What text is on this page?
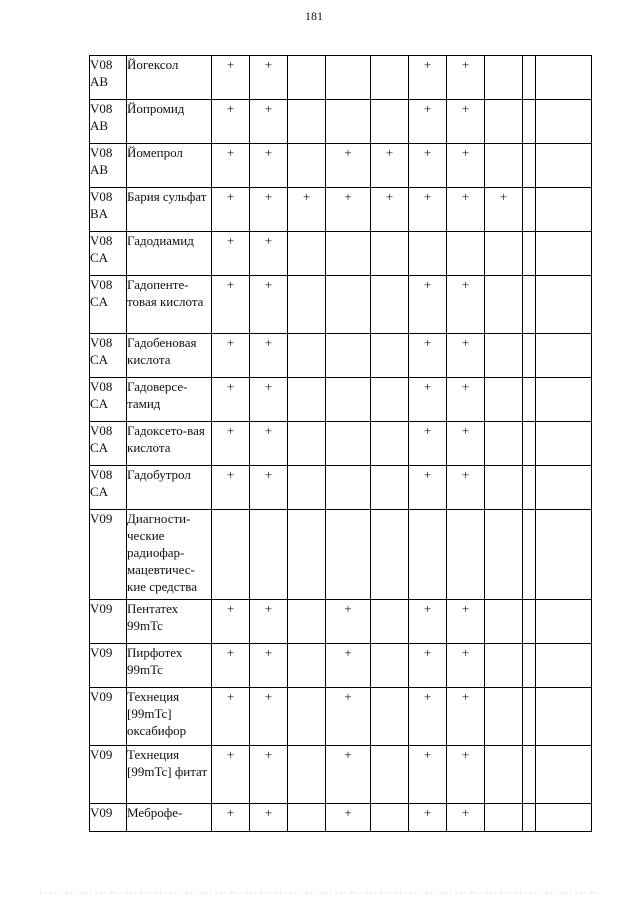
181
V08 AB	Йогексол	+	+				+	+			
V08 AB	Йопромид	+	+				+	+			
V08 AB	Йомепрол	+	+		+	+	+	+			
V08 BA	Бария сульфат	+	+	+	+	+	+	+	+		
V08 CA	Гадодиамид	+	+								
V08 CA	Гадопенте-товая кислота	+	+				+	+			
V08 CA	Гадобеновая кислота	+	+				+	+			
V08 CA	Гадоверсе-тамид	+	+				+	+			
V08 CA	Гадоксето-вая кислота	+	+				+	+			
V08 CA	Гадобутрол	+	+				+	+			
V09	Диагности-ческие радиофар-мацевтичес-кие средства										
V09	Пентатех 99mTc	+	+		+		+	+			
V09	Пирфотех 99mTc	+	+		+		+	+			
V09	Технеция [99mTc] оксабифор	+	+		+		+	+			
V09	Технеция [99mTc] фитат	+	+		+		+	+			
V09	Меброфе-	+	+		+		+	+			
